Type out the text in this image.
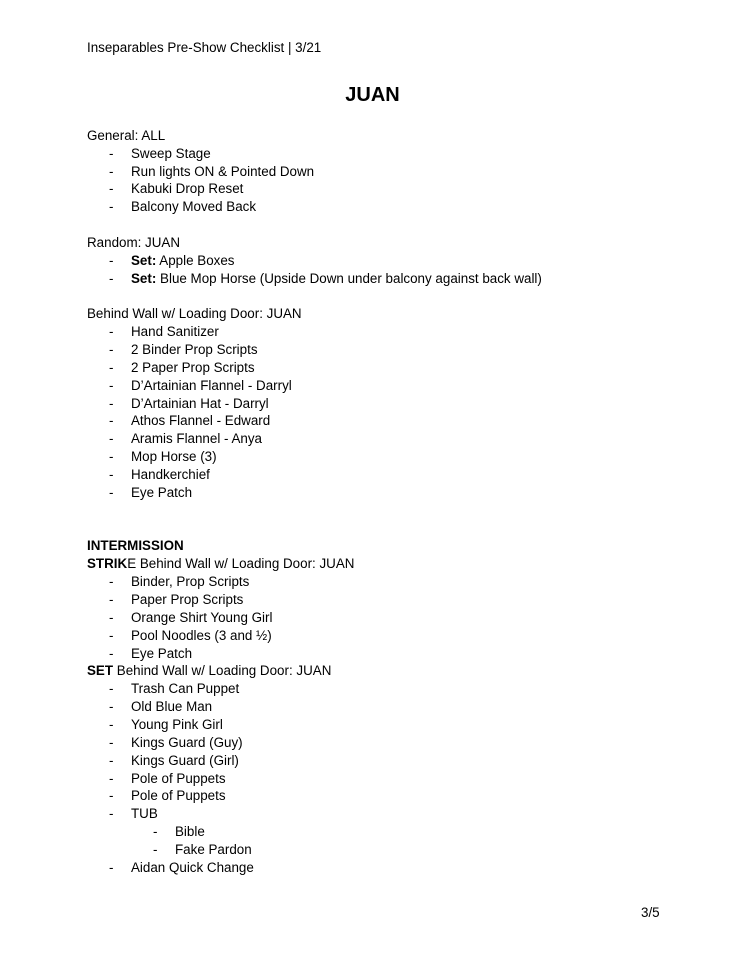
Inseparables Pre-Show Checklist | 3/21
JUAN
General: ALL
- Sweep Stage
- Run lights ON & Pointed Down
- Kabuki Drop Reset
- Balcony Moved Back
Random: JUAN
- Set: Apple Boxes
- Set: Blue Mop Horse (Upside Down under balcony against back wall)
Behind Wall w/ Loading Door: JUAN
- Hand Sanitizer
- 2 Binder Prop Scripts
- 2 Paper Prop Scripts
- D’Artainian Flannel - Darryl
- D’Artainian Hat - Darryl
- Athos Flannel - Edward
- Aramis Flannel - Anya
- Mop Horse (3)
- Handkerchief
- Eye Patch
INTERMISSION
STRIKE Behind Wall w/ Loading Door: JUAN
- Binder, Prop Scripts
- Paper Prop Scripts
- Orange Shirt Young Girl
- Pool Noodles (3 and ½)
- Eye Patch
SET Behind Wall w/ Loading Door: JUAN
- Trash Can Puppet
- Old Blue Man
- Young Pink Girl
- Kings Guard (Guy)
- Kings Guard (Girl)
- Pole of Puppets
- Pole of Puppets
- TUB
- Bible
- Fake Pardon
- Aidan Quick Change
3/5
